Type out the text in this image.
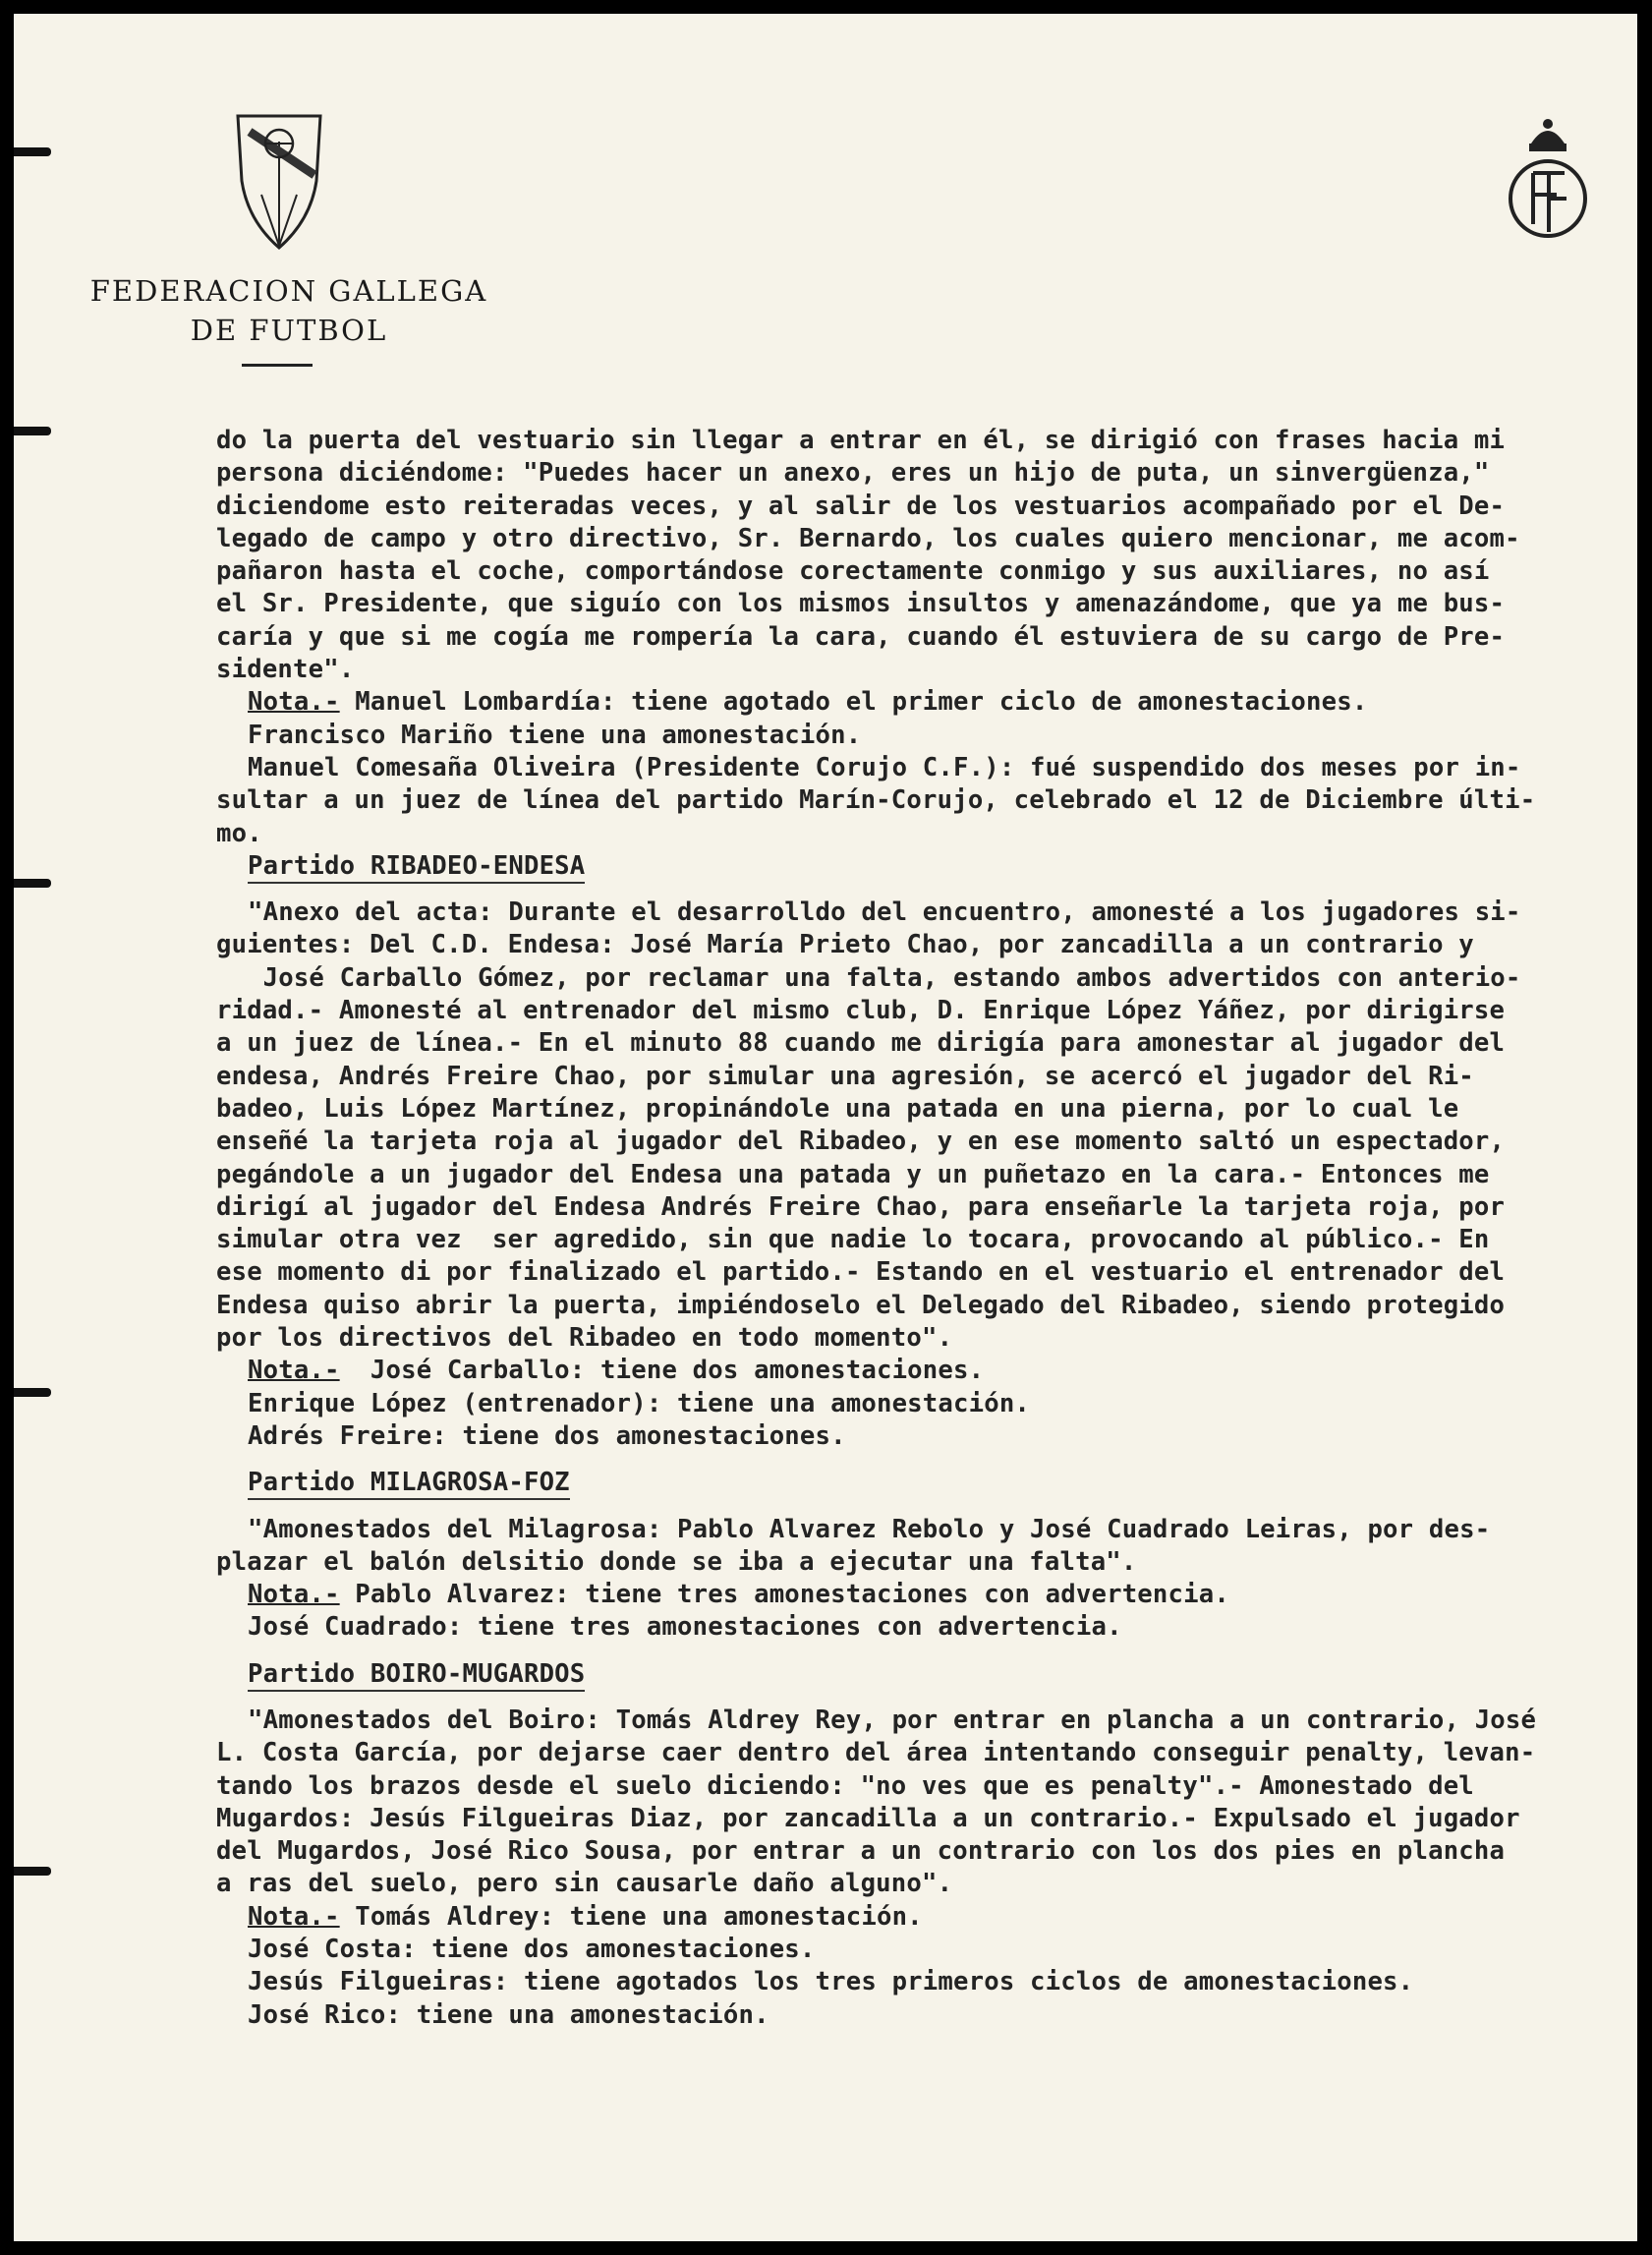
FEDERACION GALLEGA
DE FUTBOL
do la puerta del vestuario sin llegar a entrar en él, se dirigió con frases hacia mi
persona diciéndome: "Puedes hacer un anexo, eres un hijo de puta, un sinvergüenza,"
diciendome esto reiteradas veces, y al salir de los vestuarios acompañado por el De-
legado de campo y otro directivo, Sr. Bernardo, los cuales quiero mencionar, me acom-
pañaron hasta el coche, comportándose corectamente conmigo y sus auxiliares, no así
el Sr. Presidente, que siguío con los mismos insultos y amenazándome, que ya me bus-
caría y que si me cogía me rompería la cara, cuando él estuviera de su cargo de Pre-
sidente".
Nota.- Manuel Lombardía: tiene agotado el primer ciclo de amonestaciones.
Francisco Mariño tiene una amonestación.
Manuel Comesaña Oliveira (Presidente Corujo C.F.): fué suspendido dos meses por in-
sultar a un juez de línea del partido Marín-Corujo, celebrado el 12 de Diciembre últi-
mo.
Partido RIBADEO-ENDESA
"Anexo del acta: Durante el desarrolldo del encuentro, amonesté a los jugadores si-
guientes: Del C.D. Endesa: José María Prieto Chao, por zancadilla a un contrario y
José Carballo Gómez, por reclamar una falta, estando ambos advertidos con anterio-
ridad.- Amonesté al entrenador del mismo club, D. Enrique López Yáñez, por dirigirse
a un juez de línea.- En el minuto 88 cuando me dirigía para amonestar al jugador del
endesa, Andrés Freire Chao, por simular una agresión, se acercó el jugador del Ri-
badeo, Luis López Martínez, propinándole una patada en una pierna, por lo cual le
enseñé la tarjeta roja al jugador del Ribadeo, y en ese momento saltó un espectador,
pegándole a un jugador del Endesa una patada y un puñetazo en la cara.- Entonces me
dirigí al jugador del Endesa Andrés Freire Chao, para enseñarle la tarjeta roja, por
simular otra vez  ser agredido, sin que nadie lo tocara, provocando al público.- En
ese momento di por finalizado el partido.- Estando en el vestuario el entrenador del
Endesa quiso abrir la puerta, impiéndoselo el Delegado del Ribadeo, siendo protegido
por los directivos del Ribadeo en todo momento".
Nota.-  José Carballo: tiene dos amonestaciones.
Enrique López (entrenador): tiene una amonestación.
Adrés Freire: tiene dos amonestaciones.
Partido MILAGROSA-FOZ
"Amonestados del Milagrosa: Pablo Alvarez Rebolo y José Cuadrado Leiras, por des-
plazar el balón delsitio donde se iba a ejecutar una falta".
Nota.- Pablo Alvarez: tiene tres amonestaciones con advertencia.
José Cuadrado: tiene tres amonestaciones con advertencia.
Partido BOIRO-MUGARDOS
"Amonestados del Boiro: Tomás Aldrey Rey, por entrar en plancha a un contrario, José
L. Costa García, por dejarse caer dentro del área intentando conseguir penalty, levan-
tando los brazos desde el suelo diciendo: "no ves que es penalty".- Amonestado del
Mugardos: Jesús Filgueiras Diaz, por zancadilla a un contrario.- Expulsado el jugador
del Mugardos, José Rico Sousa, por entrar a un contrario con los dos pies en plancha
a ras del suelo, pero sin causarle daño alguno".
Nota.- Tomás Aldrey: tiene una amonestación.
José Costa: tiene dos amonestaciones.
Jesús Filgueiras: tiene agotados los tres primeros ciclos de amonestaciones.
José Rico: tiene una amonestación.
